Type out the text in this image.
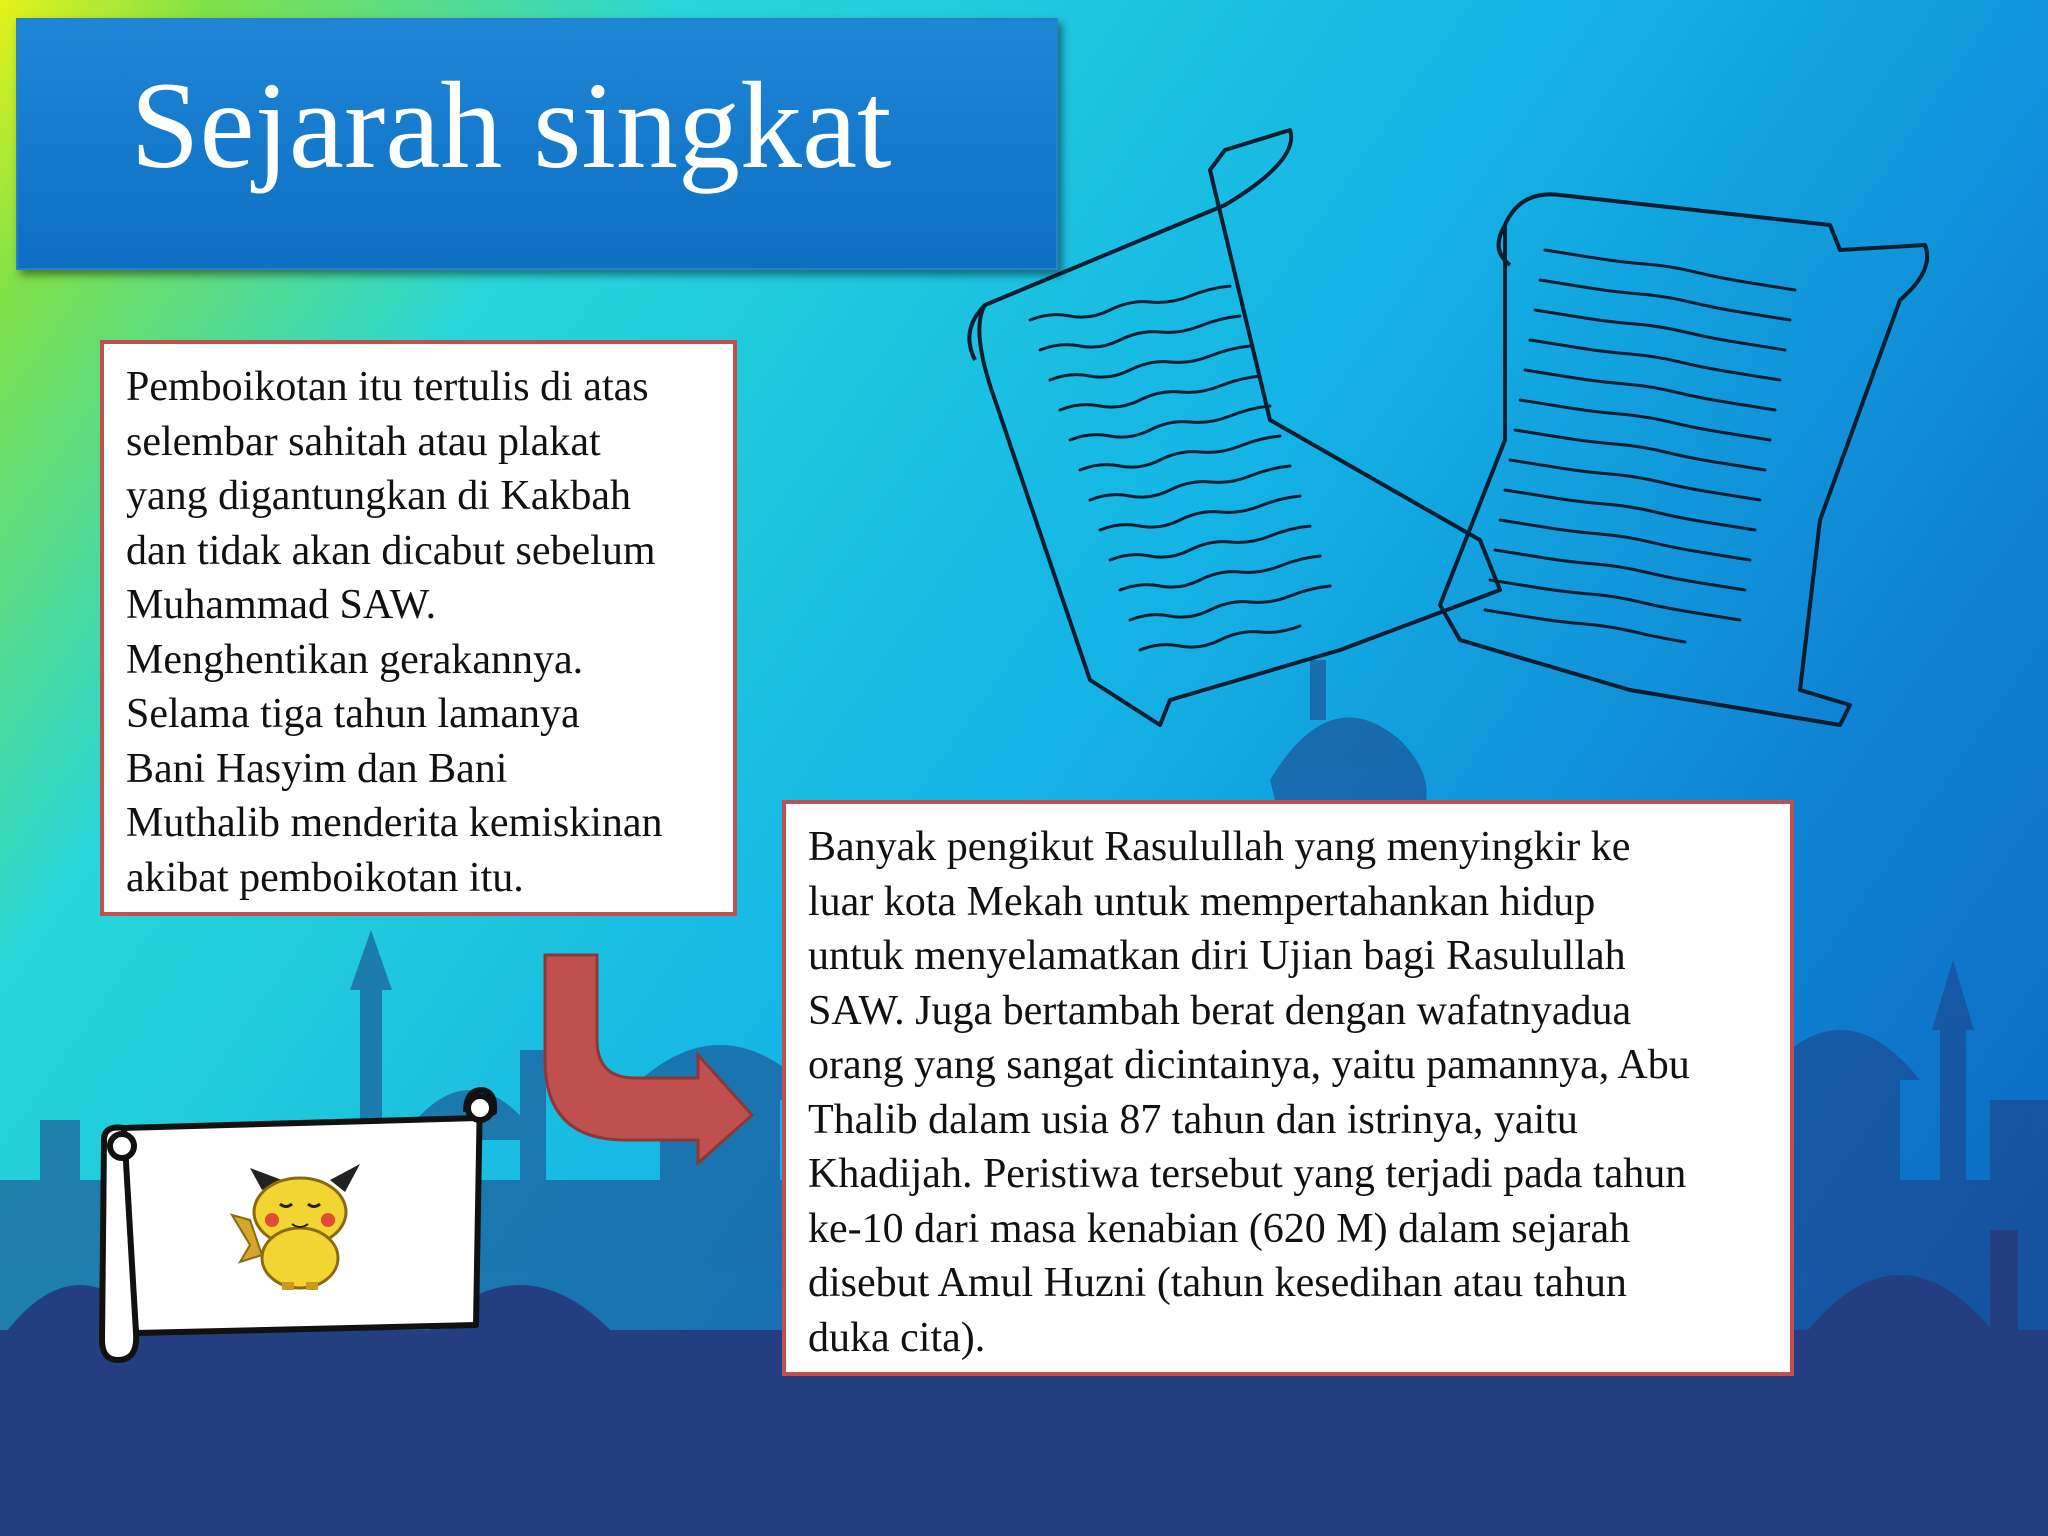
Sejarah singkat
Pemboikotan itu tertulis di atas
selembar sahitah atau plakat
yang digantungkan di Kakbah
dan tidak akan dicabut sebelum
Muhammad SAW.
Menghentikan gerakannya.
Selama tiga tahun lamanya
Bani Hasyim dan Bani
Muthalib menderita kemiskinan
akibat pemboikotan itu.
Banyak pengikut Rasulullah yang menyingkir ke
luar kota Mekah untuk mempertahankan hidup
untuk menyelamatkan diri Ujian bagi Rasulullah
SAW. Juga bertambah berat dengan wafatnyadua
orang yang sangat dicintainya, yaitu pamannya, Abu
Thalib dalam usia 87 tahun dan istrinya, yaitu
Khadijah. Peristiwa tersebut yang terjadi pada tahun
ke-10 dari masa kenabian (620 M) dalam sejarah
disebut Amul Huzni (tahun kesedihan atau tahun
duka cita).
